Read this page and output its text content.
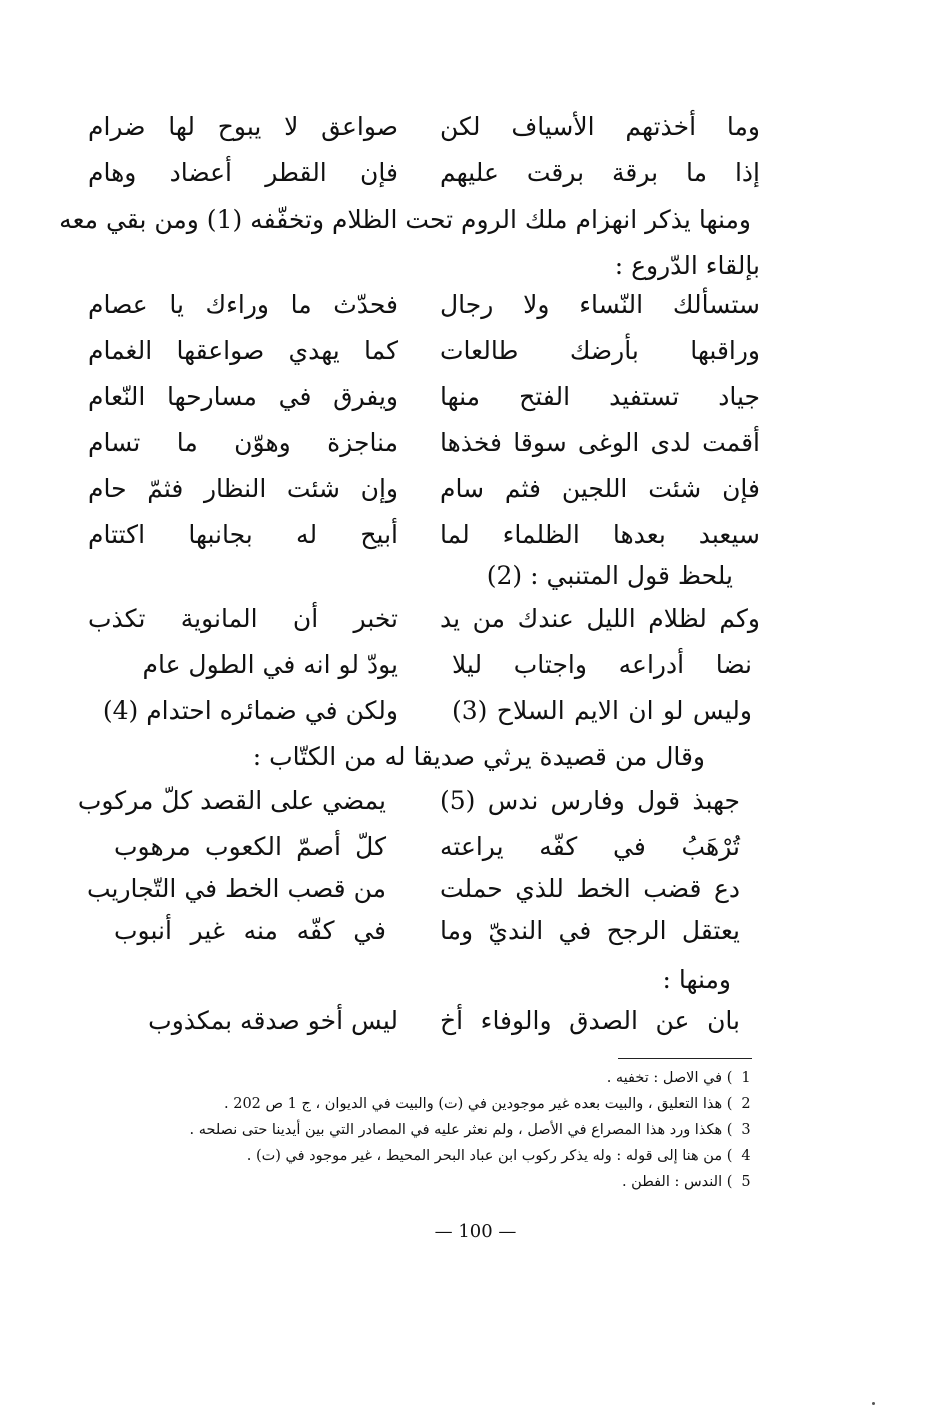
وما أخذتهم الأسياف لكن
صواعق لا يبوح لها ضرام
إذا ما برقة برقت عليهم
فإن القطر أعضاد وهام
ومنها يذكر انهزام ملك الروم تحت الظلام وتخفّفه (1) ومن بقي معه
بإلقاء الدّروع :
ستسألك النّساء ولا رجال
فحدّث ما وراءك يا عصام
وراقبها بأرضك طالعات
كما يهدي صواعقها الغمام
جياد تستفيد الفتح منها
ويفرق في مسارحها النّعام
أقمت لدى الوغى سوقا فخذها
مناجزة وهوّن ما تسام
فإن شئت اللجين فثم سام
وإن شئت النظار فثمّ حام
سيعبد بعدها الظلماء لما
أبيح له بجانبها اكتتام
يلحظ قول المتنبي : (2)
وكم لظلام الليل عندك من يد
تخبر أن المانوية تكذب
نضا أدراعه واجتاب ليلا
يودّ لو انه في الطول عام
وليس لو ان الايم السلاح (3)
ولكن في ضمائره احتدام (4)
وقال من قصيدة يرثي صديقا له من الكتّاب :
جهبذ قول وفارس ندس (5)
يمضي على القصد كلّ مركوب
تُرْهَبُ في كفّه يراعته
كلّ أصمّ الكعوب مرهوب
دع قضب الخط للذي حملت
من قصب الخط في التّجاريب
يعتقل الرجح في النديّ وما
في كفّه منه غير أنبوب
ومنها :
بان عن الصدق والوفاء أخ
ليس أخو صدقه بمكذوب
1 ) في الاصل : تخفيه .
2 ) هذا التعليق ، والبيت بعده غير موجودين في (ت) والبيت في الديوان ، ج 1 ص 202 .
3 ) هكذا ورد هذا المصراع في الأصل ، ولم نعثر عليه في المصادر التي بين أيدينا حتى نصلحه .
4 ) من هنا إلى قوله : وله يذكر ركوب ابن عباد البحر المحيط ، غير موجود في (ت) .
5 ) الندس : الفطن .
— 100 —
